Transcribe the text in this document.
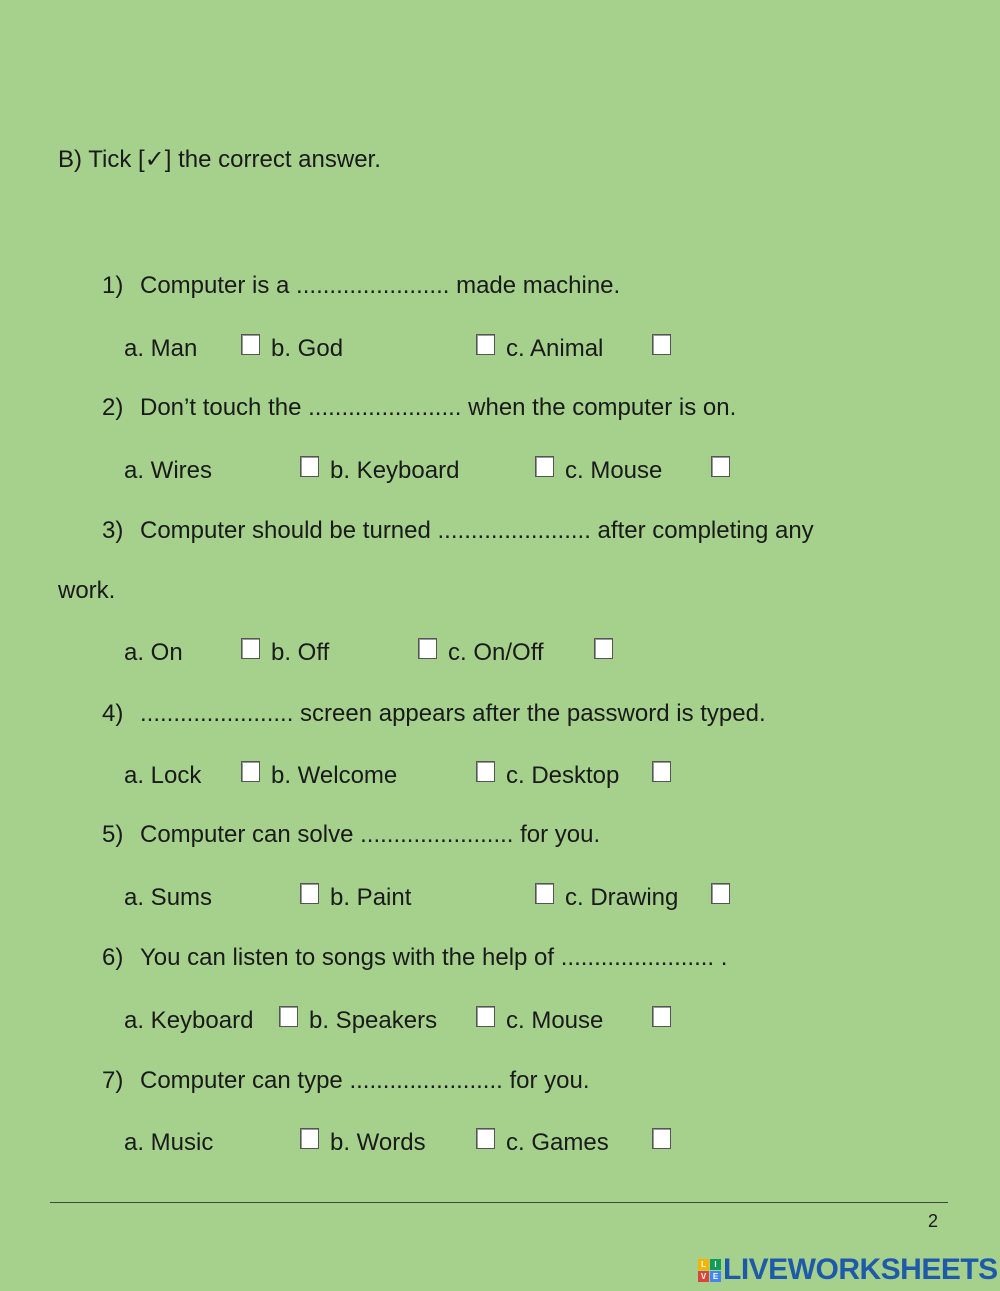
B) Tick [✓] the correct answer.
1) Computer is a ....................... made machine.
a. Man	b. God	c. Animal
2) Don’t touch the ....................... when the computer is on.
a. Wires	b. Keyboard	c. Mouse
3) Computer should be turned ....................... after completing any
work.
a. On	b. Off	c. On/Off
4) ....................... screen appears after the password is typed.
a. Lock	b. Welcome	c. Desktop
5) Computer can solve ....................... for you.
a. Sums	b. Paint	c. Drawing
6) You can listen to songs with the help of ....................... .
a. Keyboard b. Speakers	c. Mouse
7) Computer can type ....................... for you.
a. Music	b. Words	c. Games
2
L	I
V E LIVEWORKSHEETS
